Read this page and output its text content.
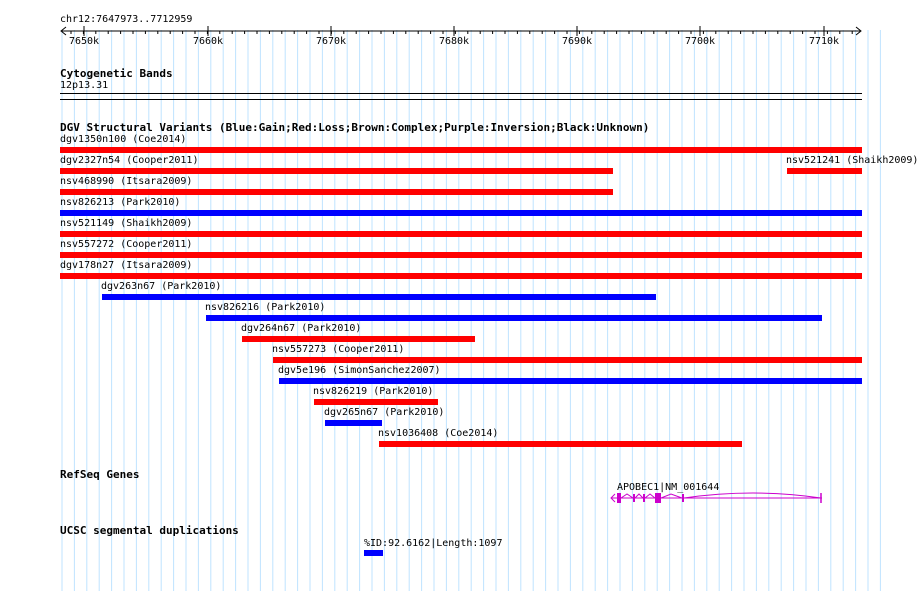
chr12:7647973..7712959
7650k	7660k	7670k	7680k	7690k	7700k	7710k
Cytogenetic Bands
12p13.31
DGV Structural Variants (Blue:Gain;Red:Loss;Brown:Complex;Purple:Inversion;Black:Unknown)
dgv1350n100 (Coe2014)
dgv2327n54 (Cooper2011)	nsv521241 (Shaikh2009)
nsv468990 (Itsara2009)
nsv826213 (Park2010)
nsv521149 (Shaikh2009)
nsv557272 (Cooper2011)
dgv178n27 (Itsara2009)
dgv263n67 (Park2010)
nsv826216 (Park2010)
dgv264n67 (Park2010)
nsv557273 (Cooper2011)
dgv5e196 (SimonSanchez2007)
nsv826219 (Park2010)
dgv265n67 (Park2010)
nsv1036408 (Coe2014)
RefSeq Genes
APOBEC1|NM_001644
UCSC segmental duplications
%ID:92.6162|Length:1097
